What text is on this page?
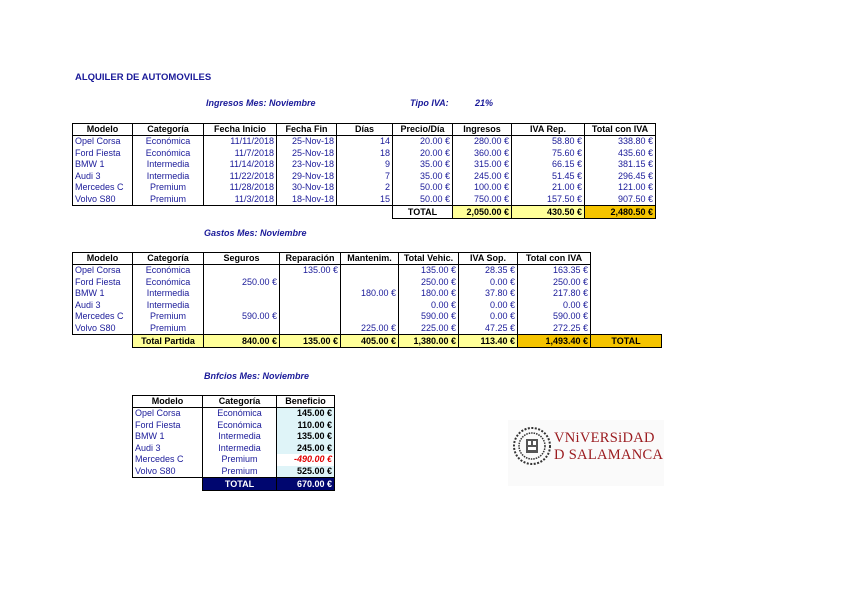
ALQUILER DE AUTOMOVILES
Ingresos Mes: Noviembre	Tipo IVA:	21%
Modelo	Categoría	Fecha Inicio	Fecha Fin	Días	Precio/Día	Ingresos	IVA Rep.	Total con IVA
Opel Corsa	Económica	11/11/2018	25-Nov-18	14	20.00 €	280.00 €	58.80 €	338.80 €
Ford Fiesta	Económica	11/7/2018	25-Nov-18	18	20.00 €	360.00 €	75.60 €	435.60 €
BMW 1	Intermedia	11/14/2018	23-Nov-18	9	35.00 €	315.00 €	66.15 €	381.15 €
Audi 3	Intermedia	11/22/2018	29-Nov-18	7	35.00 €	245.00 €	51.45 €	296.45 €
Mercedes C	Premium	11/28/2018	30-Nov-18	2	50.00 €	100.00 €	21.00 €	121.00 €
Volvo S80	Premium	11/3/2018	18-Nov-18	15	50.00 €	750.00 €	157.50 €	907.50 €
					TOTAL	2,050.00 €	430.50 €	2,480.50 €
Gastos Mes: Noviembre
Modelo	Categoría	Seguros	Reparación	Mantenim.	Total Vehic.	IVA Sop.	Total con IVA	
Opel Corsa	Económica		135.00 €		135.00 €	28.35 €	163.35 €	
Ford Fiesta	Económica	250.00 €			250.00 €	0.00 €	250.00 €	
BMW 1	Intermedia			180.00 €	180.00 €	37.80 €	217.80 €	
Audi 3	Intermedia				0.00 €	0.00 €	0.00 €	
Mercedes C	Premium	590.00 €			590.00 €	0.00 €	590.00 €	
Volvo S80	Premium			225.00 €	225.00 €	47.25 €	272.25 €	
	Total Partida	840.00 €	135.00 €	405.00 €	1,380.00 €	113.40 €	1,493.40 €	TOTAL
Bnfcios Mes: Noviembre
Modelo	Categoría	Beneficio
Opel Corsa	Económica	145.00 €
Ford Fiesta	Económica	110.00 €
BMW 1	Intermedia	135.00 €
Audi 3	Intermedia	245.00 €
Mercedes C	Premium	-490.00 €
Volvo S80	Premium	525.00 €
	TOTAL	670.00 €
VNiVERSiDAD
D SALAMANCA
